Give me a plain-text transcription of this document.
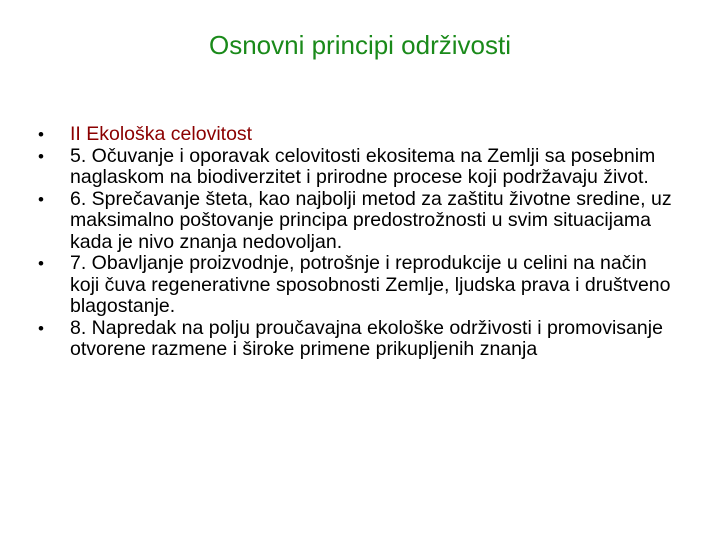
Osnovni principi održivosti
•	II Ekološka celovitost
•	5. Očuvanje i oporavak celovitosti ekositema na Zemlji sa posebnim naglaskom na biodiverzitet i prirodne procese koji podržavaju život.
•	6. Sprečavanje šteta, kao najbolji metod za zaštitu životne sredine, uz maksimalno poštovanje principa predostrožnosti u svim situacijama kada je nivo znanja nedovoljan.
•	7. Obavljanje proizvodnje, potrošnje i reprodukcije u celini na način koji čuva regenerativne sposobnosti Zemlje, ljudska prava i društveno blagostanje.
•	8. Napredak na polju proučavajna ekološke održivosti i promovisanje otvorene razmene i široke primene prikupljenih znanja
